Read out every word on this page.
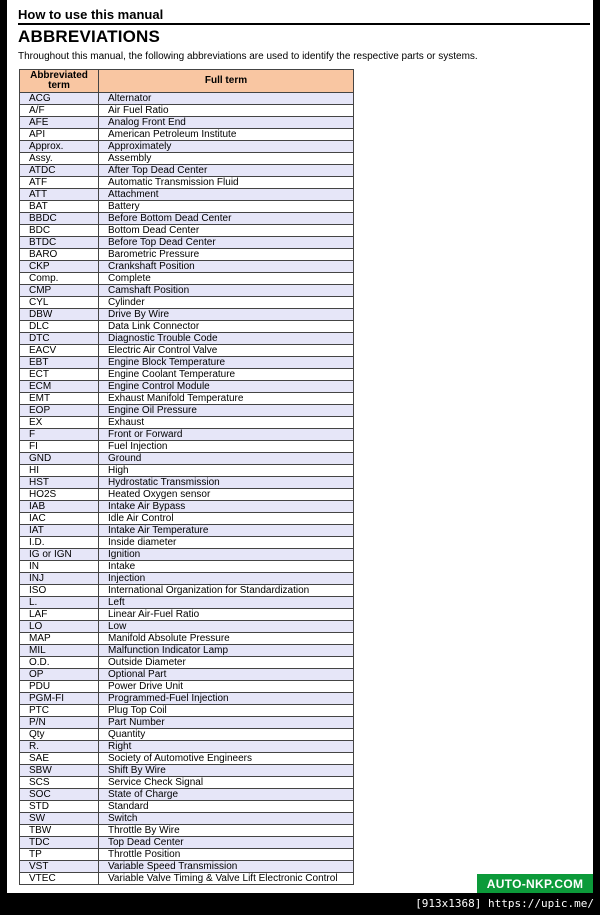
How to use this manual
ABBREVIATIONS
Throughout this manual, the following abbreviations are used to identify the respective parts or systems.
Abbreviated term	Full term
ACG	Alternator
A/F	Air Fuel Ratio
AFE	Analog Front End
API	American Petroleum Institute
Approx.	Approximately
Assy.	Assembly
ATDC	After Top Dead Center
ATF	Automatic Transmission Fluid
ATT	Attachment
BAT	Battery
BBDC	Before Bottom Dead Center
BDC	Bottom Dead Center
BTDC	Before Top Dead Center
BARO	Barometric Pressure
CKP	Crankshaft Position
Comp.	Complete
CMP	Camshaft Position
CYL	Cylinder
DBW	Drive By Wire
DLC	Data Link Connector
DTC	Diagnostic Trouble Code
EACV	Electric Air Control Valve
EBT	Engine Block Temperature
ECT	Engine Coolant Temperature
ECM	Engine Control Module
EMT	Exhaust Manifold Temperature
EOP	Engine Oil Pressure
EX	Exhaust
F	Front or Forward
FI	Fuel Injection
GND	Ground
HI	High
HST	Hydrostatic Transmission
HO2S	Heated Oxygen sensor
IAB	Intake Air Bypass
IAC	Idle Air Control
IAT	Intake Air Temperature
I.D.	Inside diameter
IG or IGN	Ignition
IN	Intake
INJ	Injection
ISO	International Organization for Standardization
L.	Left
LAF	Linear Air-Fuel Ratio
LO	Low
MAP	Manifold Absolute Pressure
MIL	Malfunction Indicator Lamp
O.D.	Outside Diameter
OP	Optional Part
PDU	Power Drive Unit
PGM-FI	Programmed-Fuel Injection
PTC	Plug Top Coil
P/N	Part Number
Qty	Quantity
R.	Right
SAE	Society of Automotive Engineers
SBW	Shift By Wire
SCS	Service Check Signal
SOC	State of Charge
STD	Standard
SW	Switch
TBW	Throttle By Wire
TDC	Top Dead Center
TP	Throttle Position
VST	Variable Speed Transmission
VTEC	Variable Valve Timing & Valve Lift Electronic Control	AUTO-NKP.COM
[913x1368] https://upic.me/
